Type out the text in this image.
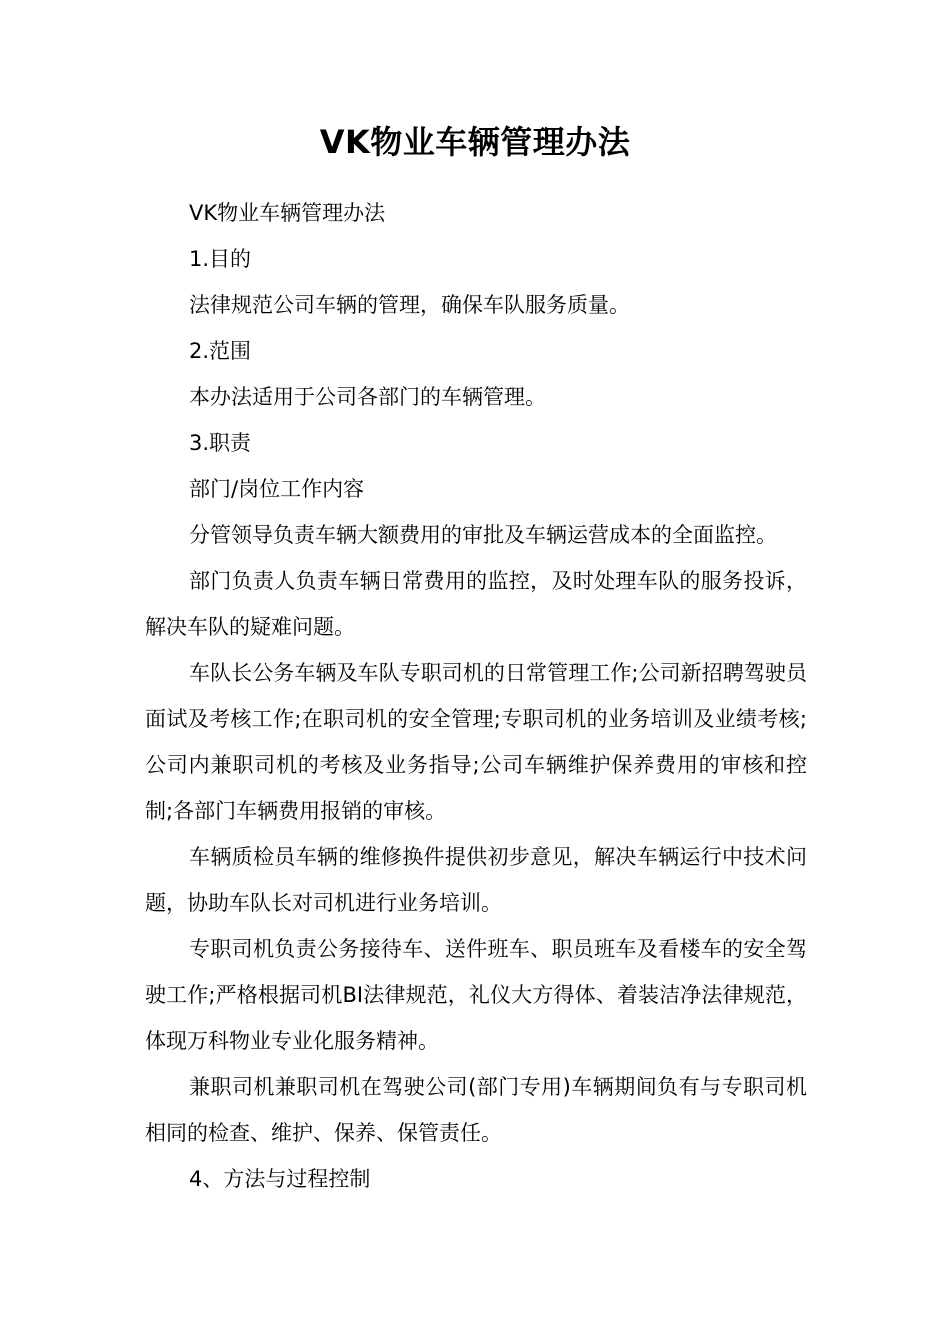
VK物业车辆管理办法

VK物业车辆管理办法

1.目的

法律规范公司车辆的管理，确保车队服务质量。

2.范围

本办法适用于公司各部门的车辆管理。

3.职责

部门/岗位工作内容

分管领导负责车辆大额费用的审批及车辆运营成本的全面监控。

部门负责人负责车辆日常费用的监控，及时处理车队的服务投诉，解决车队的疑难问题。

车队长公务车辆及车队专职司机的日常管理工作;公司新招聘驾驶员面试及考核工作;在职司机的安全管理;专职司机的业务培训及业绩考核;公司内兼职司机的考核及业务指导;公司车辆维护保养费用的审核和控制;各部门车辆费用报销的审核。

车辆质检员车辆的维修换件提供初步意见，解决车辆运行中技术问题，协助车队长对司机进行业务培训。

专职司机负责公务接待车、送件班车、职员班车及看楼车的安全驾驶工作;严格根据司机BI法律规范，礼仪大方得体、着装洁净法律规范，体现万科物业专业化服务精神。

兼职司机兼职司机在驾驶公司(部门专用)车辆期间负有与专职司机相同的检查、维护、保养、保管责任。

4、方法与过程控制
